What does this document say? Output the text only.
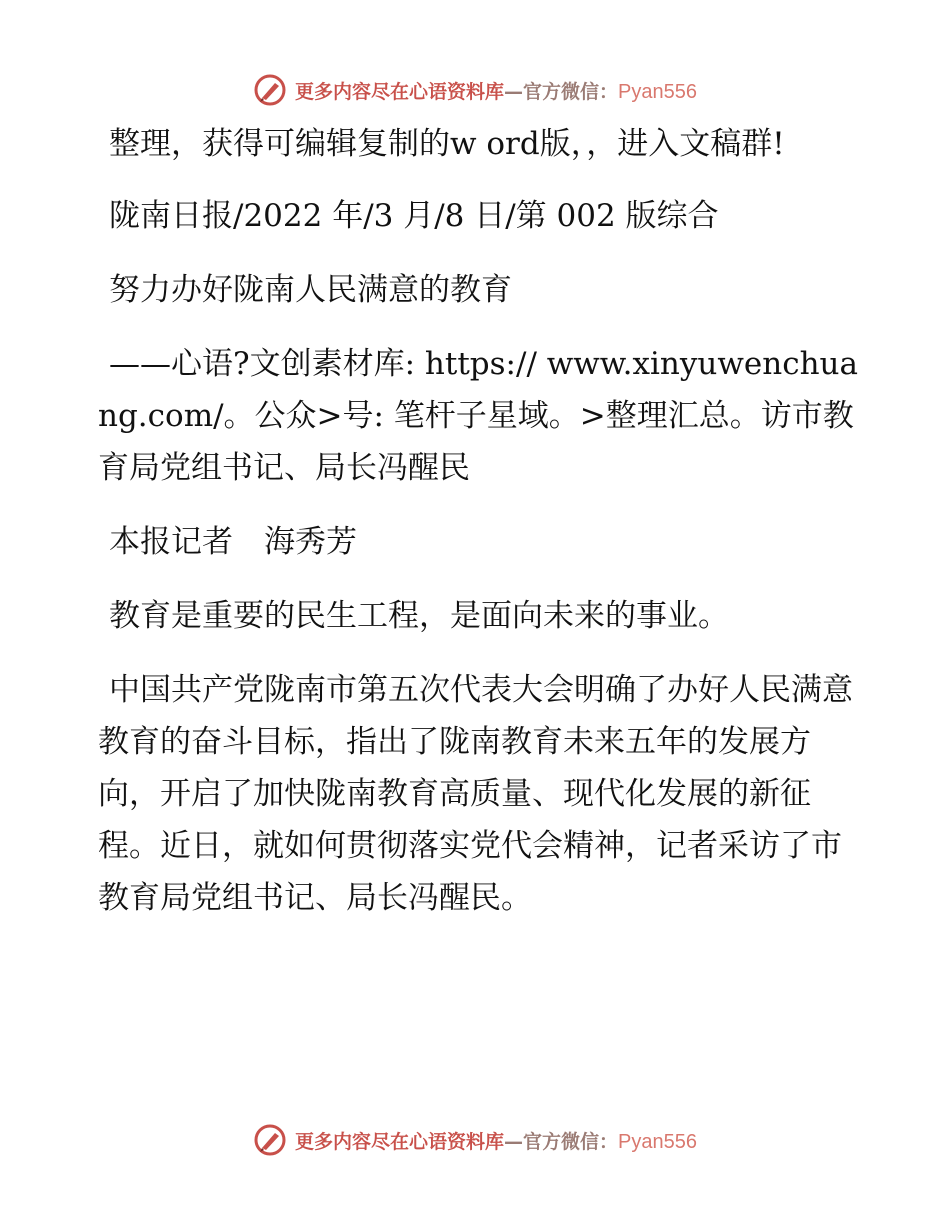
更多内容尽在心语资料库—官方微信：Pyan556

整理，获得可编辑复制的w ord版，，进入文稿群!

陇南日报/2022 年/3 月/8 日/第 002 版综合

努力办好陇南人民满意的教育

——心语?文创素材库: https:// www.xinyuwenchuang.com/。公众>号: 笔杆子星域。>整理汇总。访市教育局党组书记、局长冯醒民

本报记者　海秀芳

教育是重要的民生工程，是面向未来的事业。

中国共产党陇南市第五次代表大会明确了办好人民满意教育的奋斗目标，指出了陇南教育未来五年的发展方向，开启了加快陇南教育高质量、现代化发展的新征程。近日，就如何贯彻落实党代会精神，记者采访了市教育局党组书记、局长冯醒民。

更多内容尽在心语资料库—官方微信：Pyan556
